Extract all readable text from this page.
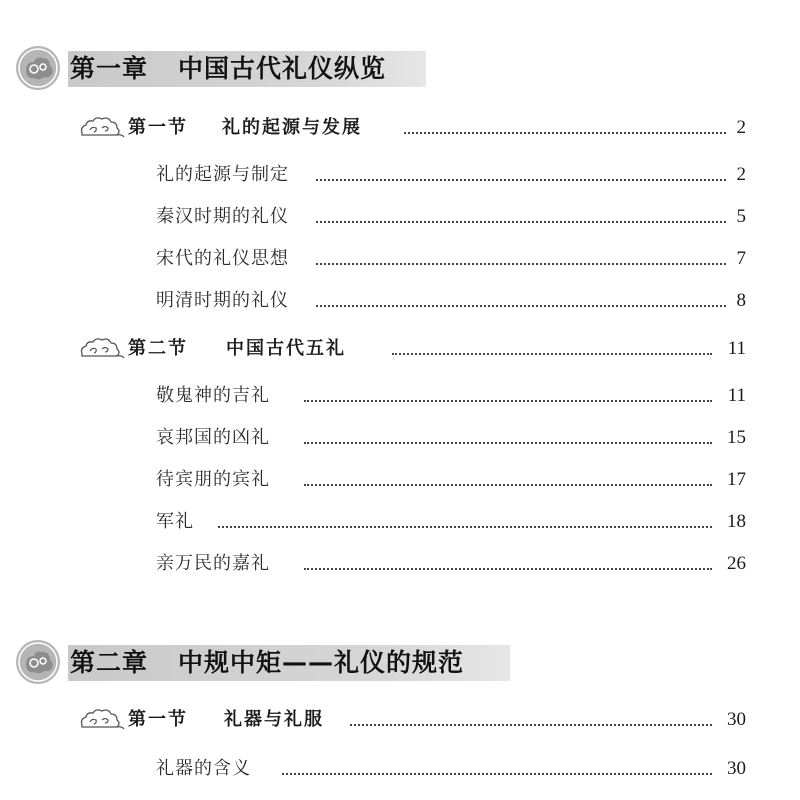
第一章 中国古代礼仪纵览
第一节 礼的起源与发展	2
礼的起源与制定	2
秦汉时期的礼仪	5
宋代的礼仪思想	7
明清时期的礼仪	8
第二节 中国古代五礼	11
敬鬼神的吉礼	11
哀邦国的凶礼	15
待宾朋的宾礼	17
军礼	18
亲万民的嘉礼	26
第二章 中规中矩——礼仪的规范
第一节 礼器与礼服	30
礼器的含义	30
